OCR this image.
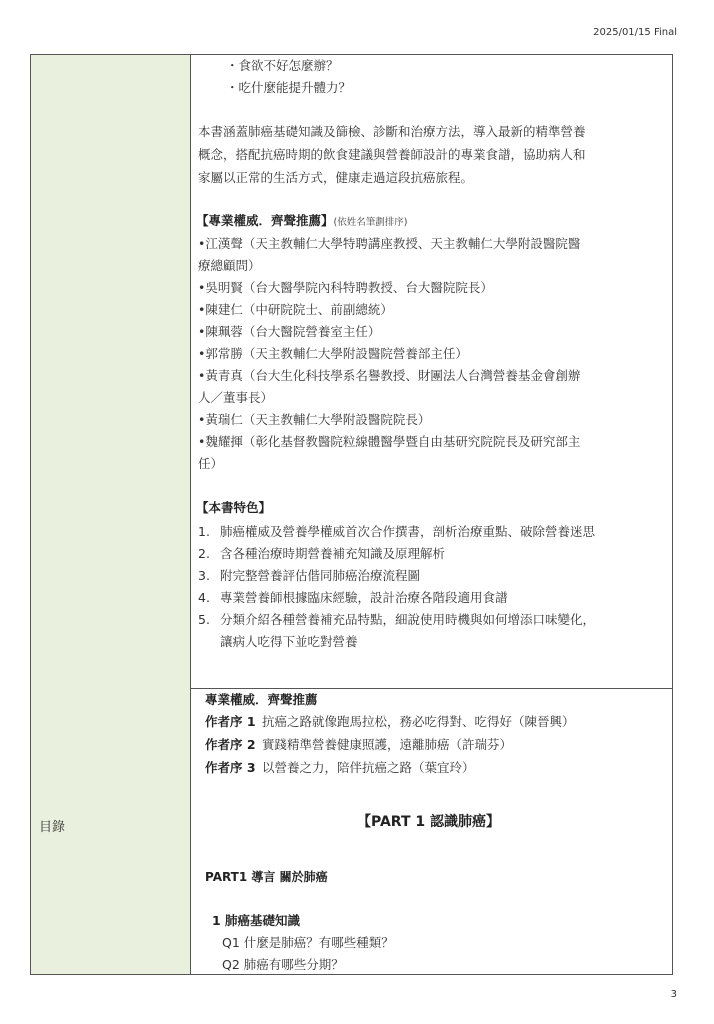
2025/01/15 Final
・食欲不好怎麼辦？
・吃什麼能提升體力？
本書涵蓋肺癌基礎知識及篩檢、診斷和治療方法，導入最新的精準營養
概念，搭配抗癌時期的飲食建議與營養師設計的專業食譜，協助病人和
家屬以正常的生活方式，健康走過這段抗癌旅程。
【專業權威．齊聲推薦】(依姓名筆劃排序)
•江漢聲（天主教輔仁大學特聘講座教授、天主教輔仁大學附設醫院醫
療總顧問）
•吳明賢（台大醫學院內科特聘教授、台大醫院院長）
•陳建仁（中研院院士、前副總統）
•陳珮蓉（台大醫院營養室主任）
•郭常勝（天主教輔仁大學附設醫院營養部主任）
•黃青真（台大生化科技學系名譽教授、財團法人台灣營養基金會創辦
人／董事長）
•黃瑞仁（天主教輔仁大學附設醫院院長）
•魏耀揮（彰化基督教醫院粒線體醫學暨自由基研究院院長及研究部主
任）
【本書特色】
1. 肺癌權威及營養學權威首次合作撰書，剖析治療重點、破除營養迷思
2. 含各種治療時期營養補充知識及原理解析
3. 附完整營養評估偕同肺癌治療流程圖
4. 專業營養師根據臨床經驗，設計治療各階段適用食譜
5. 分類介紹各種營養補充品特點，細說使用時機與如何增添口味變化，
讓病人吃得下並吃對營養
目錄
專業權威．齊聲推薦
作者序 1 抗癌之路就像跑馬拉松，務必吃得對、吃得好（陳晉興）
作者序 2 實踐精準營養健康照護，遠離肺癌（許瑞芬）
作者序 3 以營養之力，陪伴抗癌之路（葉宜玲）
【PART 1 認識肺癌】
PART1 導言 關於肺癌
1 肺癌基礎知識
Q1 什麼是肺癌？有哪些種類？
Q2 肺癌有哪些分期？
3
